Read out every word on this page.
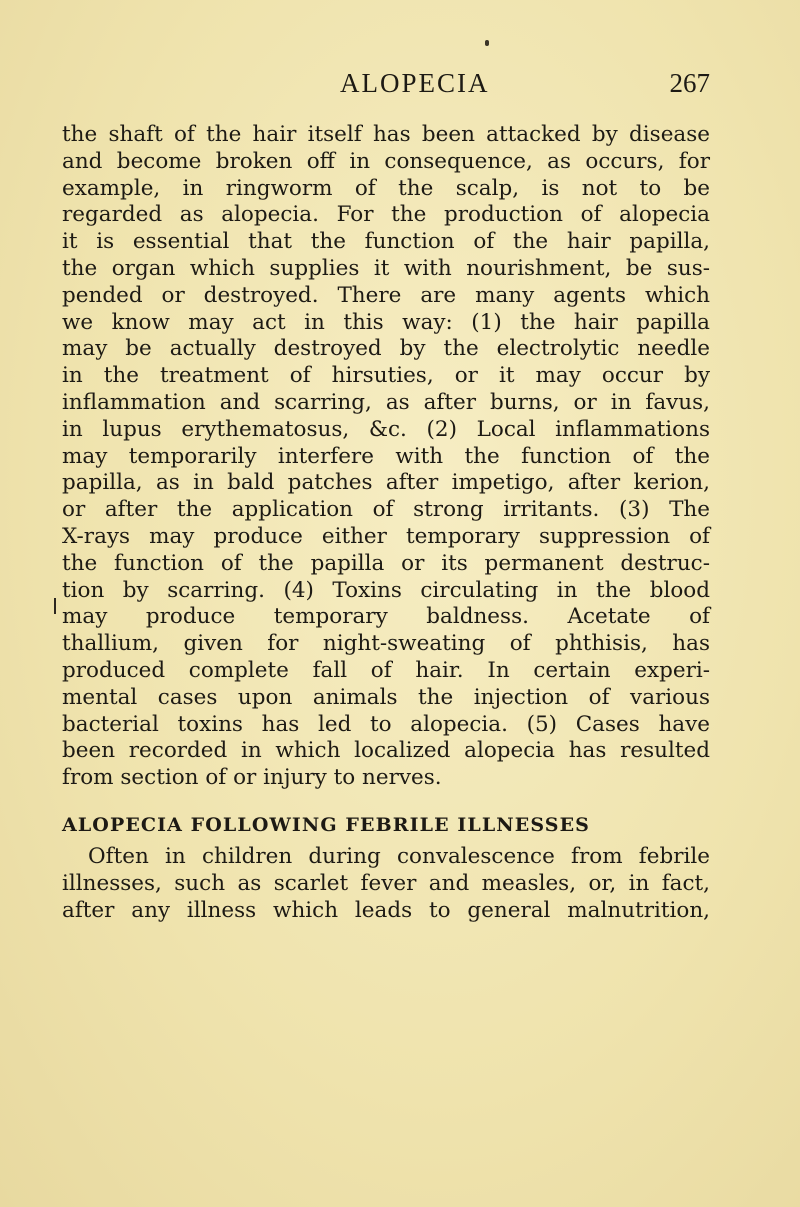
ALOPECIA	267
the shaft of the hair itself has been attacked by disease
and become broken off in consequence, as occurs, for
example, in ringworm of the scalp, is not to be
regarded as alopecia. For the production of alopecia
it is essential that the function of the hair papilla,
the organ which supplies it with nourishment, be sus-
pended or destroyed. There are many agents which
we know may act in this way: (1) the hair papilla
may be actually destroyed by the electrolytic needle
in the treatment of hirsuties, or it may occur by
inflammation and scarring, as after burns, or in favus,
in lupus erythematosus, &c. (2) Local inflammations
may temporarily interfere with the function of the
papilla, as in bald patches after impetigo, after kerion,
or after the application of strong irritants. (3) The
X-rays may produce either temporary suppression of
the function of the papilla or its permanent destruc-
tion by scarring. (4) Toxins circulating in the blood
may produce temporary baldness. Acetate of
thallium, given for night-sweating of phthisis, has
produced complete fall of hair. In certain experi-
mental cases upon animals the injection of various
bacterial toxins has led to alopecia. (5) Cases have
been recorded in which localized alopecia has resulted
from section of or injury to nerves.
ALOPECIA FOLLOWING FEBRILE ILLNESSES
Often in children during convalescence from febrile
illnesses, such as scarlet fever and measles, or, in fact,
after any illness which leads to general malnutrition,
